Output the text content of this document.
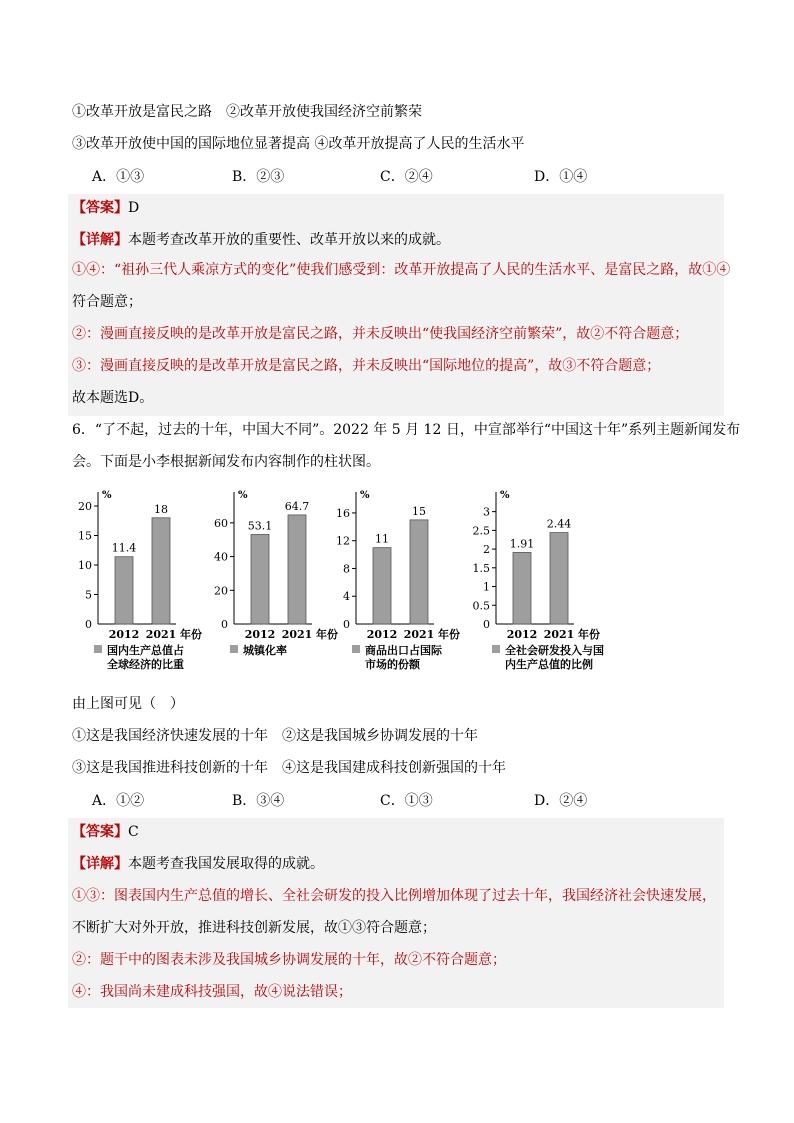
①改革开放是富民之路　②改革开放使我国经济空前繁荣
③改革开放使中国的国际地位显著提高 ④改革开放提高了人民的生活水平
A．①③	B．②③	C．②④	D．①④
【答案】D
【详解】本题考查改革开放的重要性、改革开放以来的成就。
①④：“祖孙三代人乘凉方式的变化”使我们感受到：改革开放提高了人民的生活水平、是富民之路，故①④
符合题意；
②：漫画直接反映的是改革开放是富民之路，并未反映出“使我国经济空前繁荣”，故②不符合题意；
③：漫画直接反映的是改革开放是富民之路，并未反映出“国际地位的提高”，故③不符合题意；
故本题选D。
6．“了不起，过去的十年，中国大不同”。2022 年 5 月 12 日，中宣部举行“中国这十年”系列主题新闻发布
会。下面是小李根据新闻发布内容制作的柱状图。
%
0
5
10
15
20
11.4
2012
18
2021 年份
国内生产总值占
全球经济的比重
%
0
20
40
60 53.1
2012
64.7
2021 年份
城镇化率
%
0
4
8
12
16
11
2012
15
2021 年份
商品出口占国际
市场的份额
%
0
0.5
1
1.5
2
2.5
3
1.91
2012
2.44
2021 年份
全社会研发投入与国
内生产总值的比例
由上图可见（　）
①这是我国经济快速发展的十年　②这是我国城乡协调发展的十年
③这是我国推进科技创新的十年　④这是我国建成科技创新强国的十年
A．①②	B．③④	C．①③	D．②④
【答案】C
【详解】本题考查我国发展取得的成就。
①③：图表国内生产总值的增长、全社会研发的投入比例增加体现了过去十年，我国经济社会快速发展，
不断扩大对外开放，推进科技创新发展，故①③符合题意；
②：题干中的图表未涉及我国城乡协调发展的十年，故②不符合题意；
④：我国尚未建成科技强国，故④说法错误；
